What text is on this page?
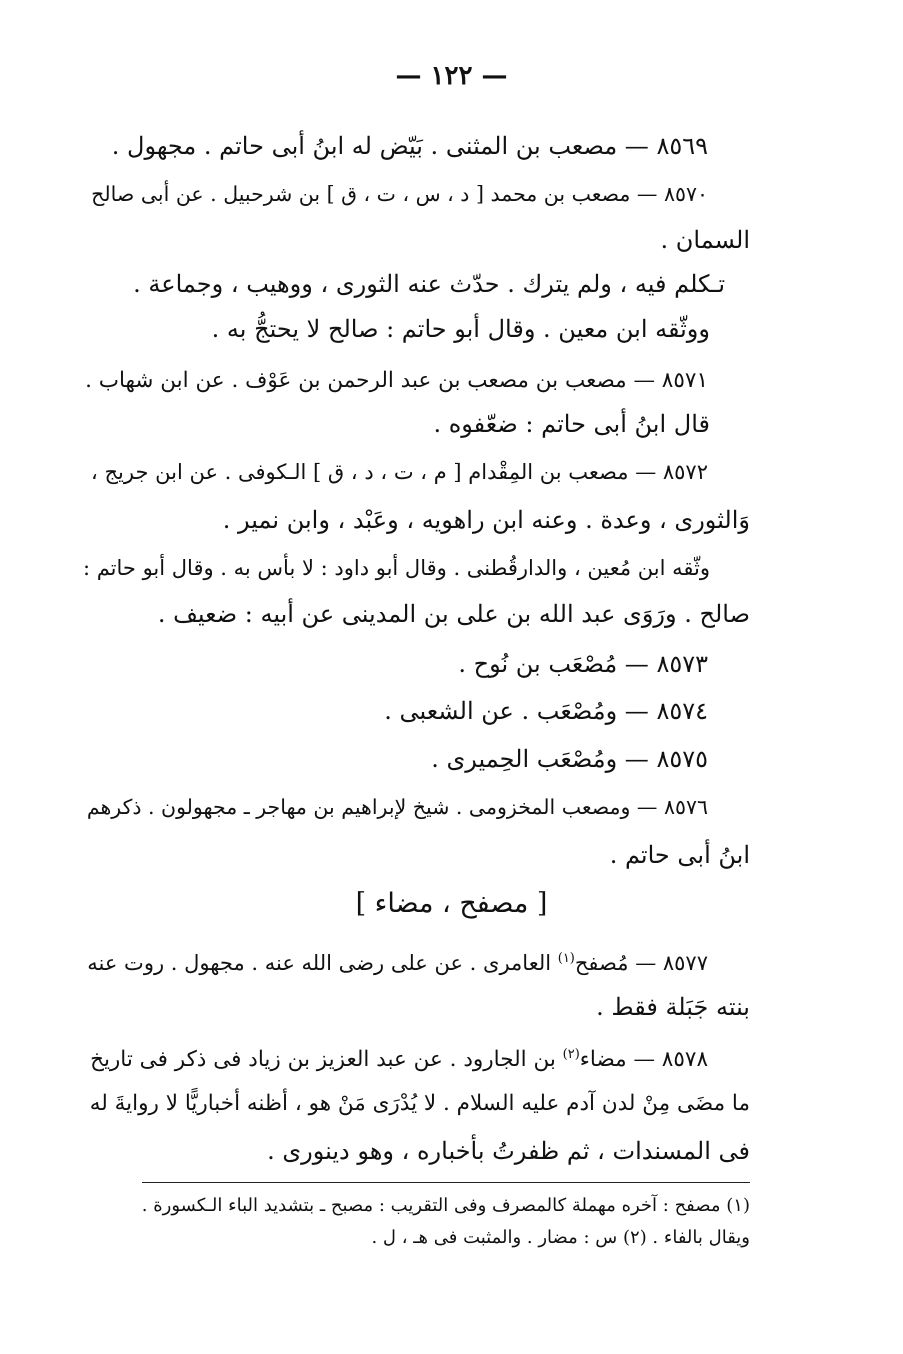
— ١٢٢ —
٨٥٦٩ — مصعب بن المثنى . بَيّض له ابنُ أبى حاتم . مجهول .
٨٥٧٠ — مصعب بن محمد [ د ، س ، ت ، ق ] بن شرحبيل . عن أبى صالح
السمان .
تـكلم فيه ، ولم يترك . حدّث عنه الثورى ، ووهيب ، وجماعة .
ووثّقه ابن معين . وقال أبو حاتم : صالح لا يحتجُّ به .
٨٥٧١ — مصعب بن مصعب بن عبد الرحمن بن عَوْف . عن ابن شهاب .
قال ابنُ أبى حاتم : ضعّفوه .
٨٥٧٢ — مصعب بن المِقْدام [ م ، ت ، د ، ق ] الـكوفى . عن ابن جريج ،
وَالثورى ، وعدة . وعنه ابن راهويه ، وعَبْد ، وابن نمير .
وثّقه ابن مُعين ، والدارقُطنى . وقال أبو داود : لا بأس به . وقال أبو حاتم :
صالح . ورَوَى عبد الله بن على بن المدينى عن أبيه : ضعيف .
٨٥٧٣ — مُصْعَب بن نُوح .
٨٥٧٤ — ومُصْعَب . عن الشعبى .
٨٥٧٥ — ومُصْعَب الحِميرى .
٨٥٧٦ — ومصعب المخزومى . شيخ لإبراهيم بن مهاجر ـ مجهولون . ذكرهم
ابنُ أبى حاتم .
[ مصفح ، مضاء ]
٨٥٧٧ — مُصفح$^{(١)}$ العامرى . عن على رضى الله عنه . مجهول . روت عنه
بنته جَبَلة فقط .
٨٥٧٨ — مضاء$^{(٢)}$ بن الجارود . عن عبد العزيز بن زياد فى ذكر فى تاريخ
ما مضَى مِنْ لدن آدم عليه السلام . لا يُدْرَى مَنْ هو ، أظنه أخباريًّا لا روايةَ له
فى المسندات ، ثم ظفرتُ بأخباره ، وهو دينورى .
(١) مصفح : آخره مهملة كالمصرف وفى التقريب : مصبح ـ بتشديد الباء الـكسورة .
ويقال بالفاء . (٢) س : مضار . والمثبت فى هـ ، ل .
